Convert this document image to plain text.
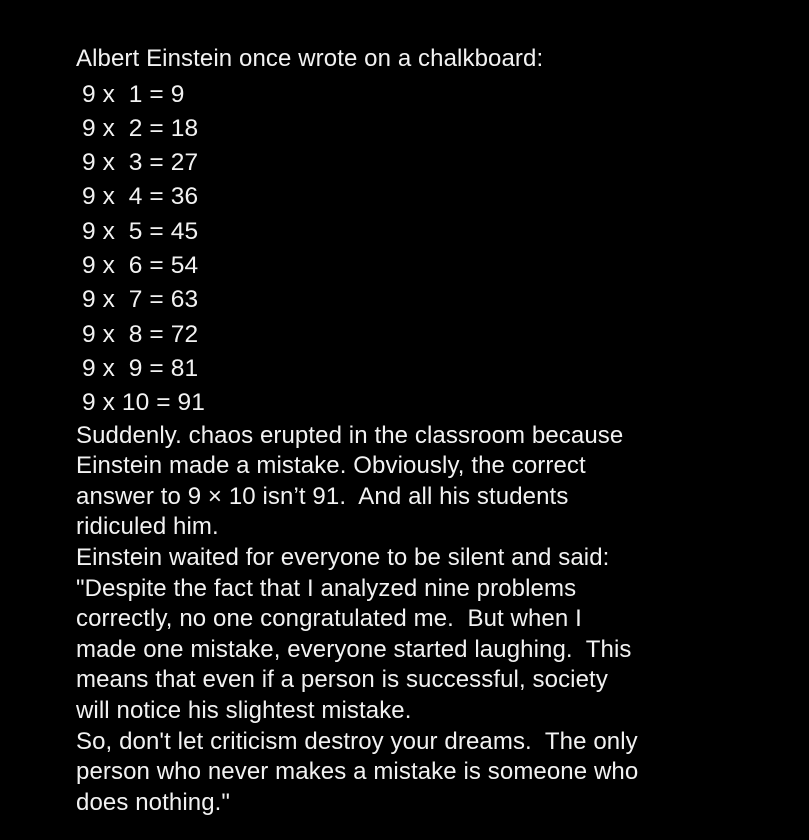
Albert Einstein once wrote on a chalkboard:
9 x  1 = 9
9 x  2 = 18
9 x  3 = 27
9 x  4 = 36
9 x  5 = 45
9 x  6 = 54
9 x  7 = 63
9 x  8 = 72
9 x  9 = 81
9 x 10 = 91
Suddenly. chaos erupted in the classroom because
Einstein made a mistake. Obviously, the correct
answer to 9 × 10 isn’t 91.  And all his students
ridiculed him.
Einstein waited for everyone to be silent and said:
"Despite the fact that I analyzed nine problems
correctly, no one congratulated me.  But when I
made one mistake, everyone started laughing.  This
means that even if a person is successful, society
will notice his slightest mistake.
So, don't let criticism destroy your dreams.  The only
person who never makes a mistake is someone who
does nothing."
